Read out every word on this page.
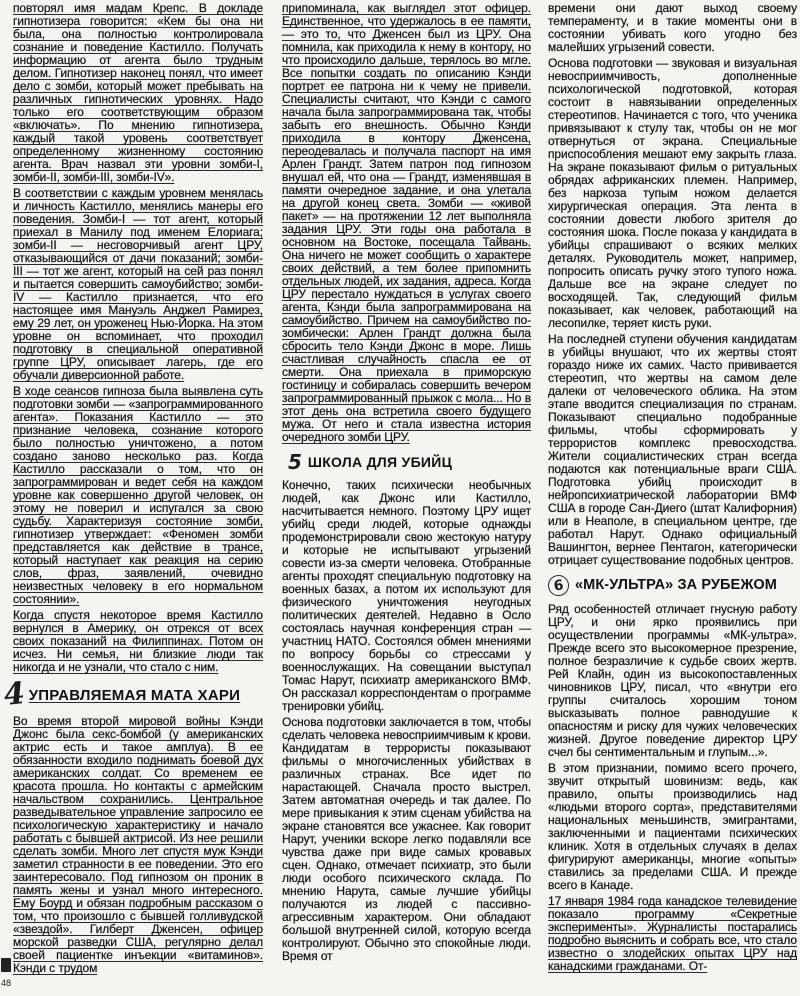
повторял имя мадам Крепс. В докладе гипнотизера говорится: «Кем бы она ни была, она полностью контролировала сознание и поведение Кастилло. Получать информацию от агента было трудным делом. Гипнотизер наконец понял, что имеет дело с зомби, который может пребывать на различных гипнотических уровнях. Надо только его соответствующим образом «включать». По мнению гипнотизера, каждый такой уровень соответствует определенному жизненному состоянию агента. Врач назвал эти уровни зомби-I, зомби-II, зомби-III, зомби-IV».

В соответствии с каждым уровнем менялась и личность Кастилло, менялись манеры его поведения. Зомби-I — тот агент, который приехал в Манилу под именем Елориага; зомби-II — несговорчивый агент ЦРУ, отказывающийся от дачи показаний; зомби-III — тот же агент, который на сей раз понял и пытается совершить самоубийство; зомби-IV — Кастилло признается, что его настоящее имя Мануэль Анджел Рамирез, ему 29 лет, он уроженец Нью-Йорка. На этом уровне он вспоминает, что проходил подготовку в специальной оперативной группе ЦРУ, описывает лагерь, где его обучали диверсионной работе.

В ходе сеансов гипноза была выявлена суть подготовки зомби — «запрограммированного агента». Показания Кастилло — это признание человека, сознание которого было полностью уничтожено, а потом создано заново несколько раз. Когда Кастилло рассказали о том, что он запрограммирован и ведет себя на каждом уровне как совершенно другой человек, он этому не поверил и испугался за свою судьбу. Характеризуя состояние зомби, гипнотизер утверждает: «Феномен зомби представляется как действие в трансе, который наступает как реакция на серию слов, фраз, заявлений, очевидно неизвестных человеку в его нормальном состоянии».

Когда спустя некоторое время Кастилло вернулся в Америку, он отрекся от всех своих показаний на Филиппинах. Потом он исчез. Ни семья, ни близкие люди так никогда и не узнали, что стало с ним.

4 УПРАВЛЯЕМАЯ МАТА ХАРИ

Во время второй мировой войны Кэнди Джонс была секс-бомбой (у американских актрис есть и такое амплуа). В ее обязанности входило поднимать боевой дух американских солдат. Со временем ее красота прошла. Но контакты с армейским начальством сохранились. Центральное разведывательное управление запросило ее психологическую характеристику и начало работать с бывшей актрисой. Из нее решили сделать зомби. Много лет спустя муж Кэнди заметил странности в ее поведении. Это его заинтересовало. Под гипнозом он проник в память жены и узнал много интересного. Ему Боурд и обязан подробным рассказом о том, что произошло с бывшей голливудской «звездой». Гилберт Дженсен, офицер морской разведки США, регулярно делал своей пациентке инъекции «витаминов». Кэнди с трудом

припоминала, как выглядел этот офицер. Единственное, что удержалось в ее памяти,— это то, что Дженсен был из ЦРУ. Она помнила, как приходила к нему в контору, но что происходило дальше, терялось во мгле. Все попытки создать по описанию Кэнди портрет ее патрона ни к чему не привели. Специалисты считают, что Кэнди с самого начала была запрограммирована так, чтобы забыть его внешность. Обычно Кэнди приходила в контору Дженсена, переодевалась и получала паспорт на имя Арлен Грандт. Затем патрон под гипнозом внушал ей, что она — Грандт, изменявшая в памяти очередное задание, и она улетала на другой конец света. Зомби — «живой пакет» — на протяжении 12 лет выполняла задания ЦРУ. Эти годы она работала в основном на Востоке, посещала Тайвань. Она ничего не может сообщить о характере своих действий, а тем более припомнить отдельных людей, их задания, адреса. Когда ЦРУ перестало нуждаться в услугах своего агента, Кэнди была запрограммирована на самоубийство. Причем на самоубийство по-зомбически: Арлен Грандт должна была сбросить тело Кэнди Джонс в море. Лишь счастливая случайность спасла ее от смерти. Она приехала в приморскую гостиницу и собиралась совершить вечером запрограммированный прыжок с мола... Но в этот день она встретила своего будущего мужа. От него и стала известна история очередного зомби ЦРУ.

5 ШКОЛА ДЛЯ УБИЙЦ

Конечно, таких психически необычных людей, как Джонс или Кастилло, насчитывается немного. Поэтому ЦРУ ищет убийц среди людей, которые однажды продемонстрировали свою жестокую натуру и которые не испытывают угрызений совести из-за смерти человека. Отобранные агенты проходят специальную подготовку на военных базах, а потом их используют для физического уничтожения неугодных политических деятелей. Недавно в Осло состоялась научная конференция стран — участниц НАТО. Состоялся обмен мнениями по вопросу борьбы со стрессами у военнослужащих. На совещании выступал Томас Нарут, психиатр американского ВМФ. Он рассказал корреспондентам о программе тренировки убийц.

Основа подготовки заключается в том, чтобы сделать человека невосприимчивым к крови. Кандидатам в террористы показывают фильмы о многочисленных убийствах в различных странах. Все идет по нарастающей. Сначала просто выстрел. Затем автоматная очередь и так далее. По мере привыкания к этим сценам убийства на экране становятся все ужаснее. Как говорит Нарут, ученики вскоре легко подавляли все чувства даже при виде самых кровавых сцен. Однако, отмечает психиатр, это были люди особого психического склада. По мнению Нарута, самые лучшие убийцы получаются из людей с пассивно-агрессивным характером. Они обладают большой внутренней силой, которую всегда контролируют. Обычно это спокойные люди. Время от

времени они дают выход своему темпераменту, и в такие моменты они в состоянии убивать кого угодно без малейших угрызений совести.

Основа подготовки — звуковая и визуальная невосприимчивость, дополненные психологической подготовкой, которая состоит в навязывании определенных стереотипов. Начинается с того, что ученика привязывают к стулу так, чтобы он не мог отвернуться от экрана. Специальные приспособления мешают ему закрыть глаза. На экране показывают фильм о ритуальных обрядах африканских племен. Например, без наркоза тупым ножом делается хирургическая операция. Эта лента в состоянии довести любого зрителя до состояния шока. После показа у кандидата в убийцы спрашивают о всяких мелких деталях. Руководитель может, например, попросить описать ручку этого тупого ножа. Дальше все на экране следует по восходящей. Так, следующий фильм показывает, как человек, работающий на лесопилке, теряет кисть руки.

На последней ступени обучения кандидатам в убийцы внушают, что их жертвы стоят гораздо ниже их самих. Часто прививается стереотип, что жертвы на самом деле далеки от человеческого облика. На этом этапе вводится специализация по странам. Показывают специально подобранные фильмы, чтобы сформировать у террористов комплекс превосходства. Жители социалистических стран всегда подаются как потенциальные враги США. Подготовка убийц происходит в нейропсихиатрической лаборатории ВМФ США в городе Сан-Диего (штат Калифорния) или в Неаполе, в специальном центре, где работал Нарут. Однако официальный Вашингтон, вернее Пентагон, категорически отрицает существование подобных центров.

6 «МК-УЛЬТРА» ЗА РУБЕЖОМ

Ряд особенностей отличает гнусную работу ЦРУ, и они ярко проявились при осуществлении программы «МК-ультра». Прежде всего это высокомерное презрение, полное безразличие к судьбе своих жертв. Рей Клайн, один из высокопоставленных чиновников ЦРУ, писал, что «внутри его группы считалось хорошим тоном высказывать полное равнодушие к опасностям и риску для чужих человеческих жизней. Другое поведение директор ЦРУ счел бы сентиментальным и глупым...».

В этом признании, помимо всего прочего, звучит открытый шовинизм: ведь, как правило, опыты производились над «людьми второго сорта», представителями национальных меньшинств, эмигрантами, заключенными и пациентами психических клиник. Хотя в отдельных случаях в делах фигурируют американцы, многие «опыты» ставились за пределами США. И прежде всего в Канаде.

17 января 1984 года канадское телевидение показало программу «Секретные эксперименты». Журналисты постарались подробно выяснить и собрать все, что стало известно о злодейских опытах ЦРУ над канадскими гражданами. От-

48
